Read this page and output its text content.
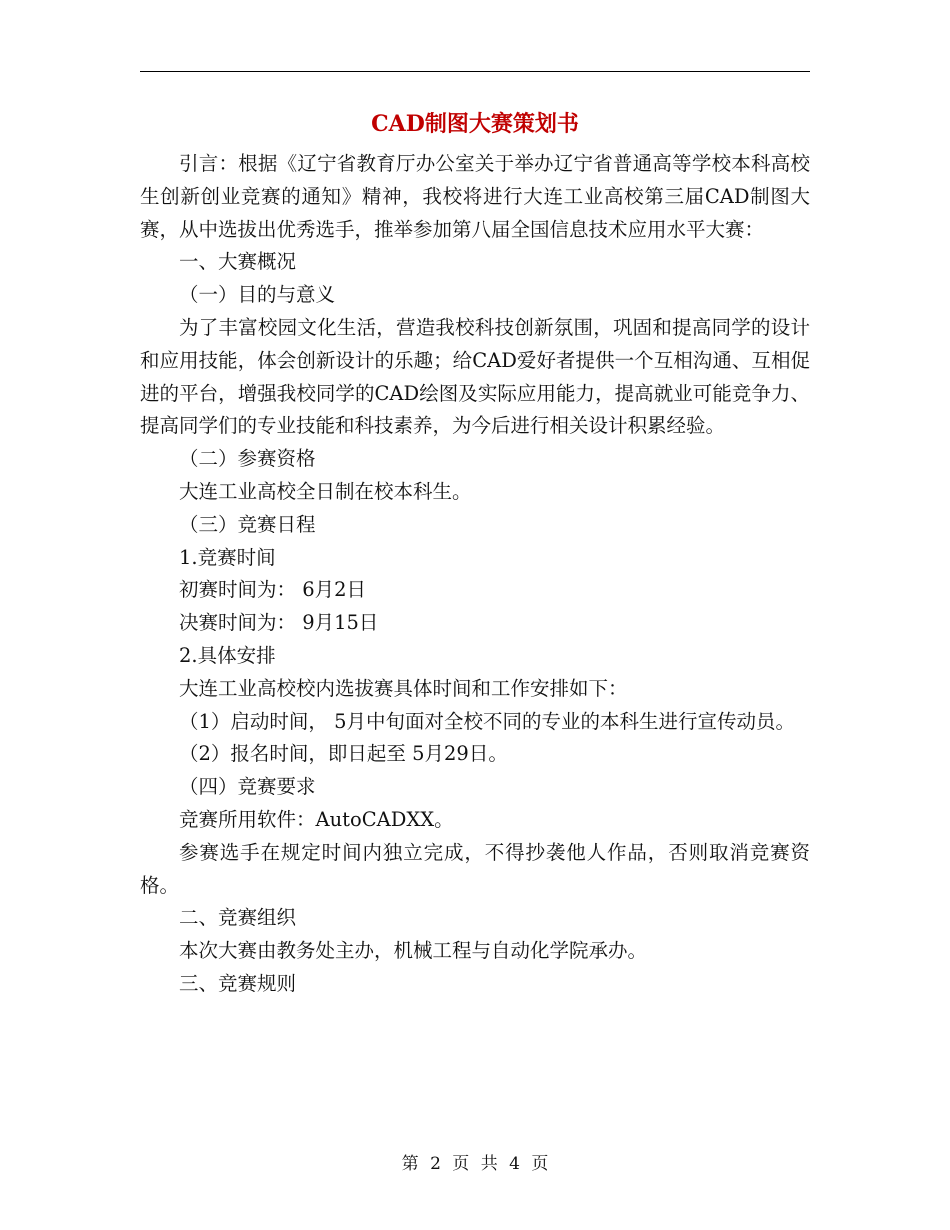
CAD制图大赛策划书

引言：根据《辽宁省教育厅办公室关于举办辽宁省普通高等学校本科高校生创新创业竞赛的通知》精神，我校将进行大连工业高校第三届CAD制图大赛，从中选拔出优秀选手，推举参加第八届全国信息技术应用水平大赛：

一、大赛概况

（一）目的与意义

为了丰富校园文化生活，营造我校科技创新氛围，巩固和提高同学的设计和应用技能，体会创新设计的乐趣；给CAD爱好者提供一个互相沟通、互相促进的平台，增强我校同学的CAD绘图及实际应用能力，提高就业可能竞争力、提高同学们的专业技能和科技素养，为今后进行相关设计积累经验。

（二）参赛资格

大连工业高校全日制在校本科生。

（三）竞赛日程

1.竞赛时间

初赛时间为： 6月2日

决赛时间为： 9月15日

2.具体安排

大连工业高校校内选拔赛具体时间和工作安排如下：

（1）启动时间， 5月中旬面对全校不同的专业的本科生进行宣传动员。

（2）报名时间，即日起至 5月29日。

（四）竞赛要求

竞赛所用软件：AutoCADXX。

参赛选手在规定时间内独立完成，不得抄袭他人作品，否则取消竞赛资格。

二、竞赛组织

本次大赛由教务处主办，机械工程与自动化学院承办。

三、竞赛规则

第 2 页 共 4 页
